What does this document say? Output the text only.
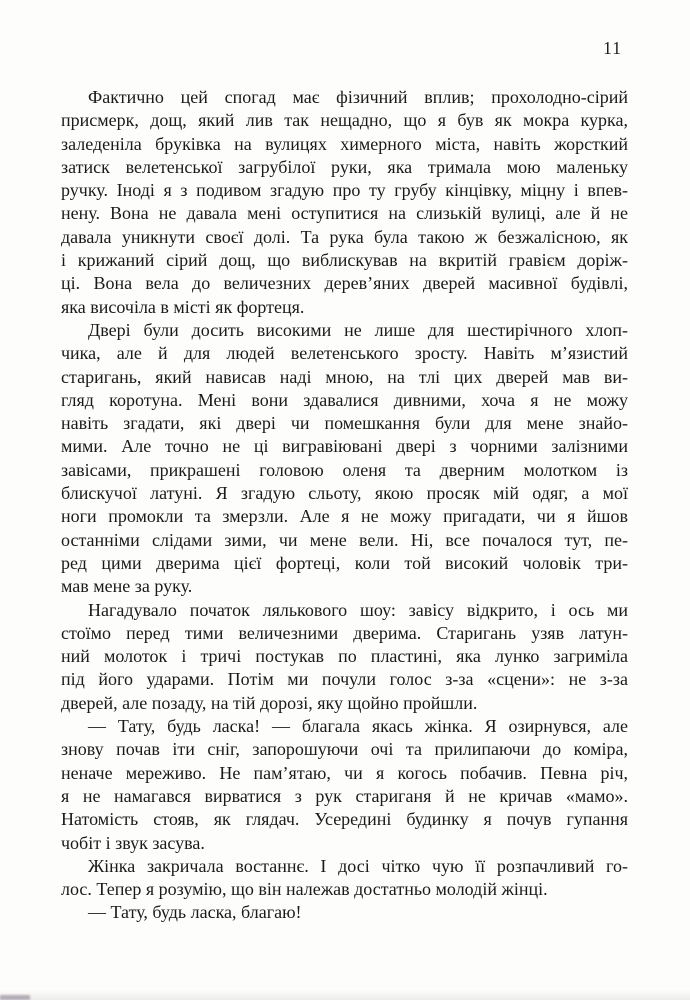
11
Фактично цей спогад має фізичний вплив; прохолодно-сірий
присмерк, дощ, який лив так нещадно, що я був як мокра курка,
заледеніла бруківка на вулицях химерного міста, навіть жорсткий
затиск велетенської загрубілої руки, яка тримала мою маленьку
ручку. Іноді я з подивом згадую про ту грубу кінцівку, міцну і впев-
нену. Вона не давала мені оступитися на слизькій вулиці, але й не
давала уникнути своєї долі. Та рука була такою ж безжалісною, як
і крижаний сірий дощ, що виблискував на вкритій гравієм доріж-
ці. Вона вела до величезних дерев’яних дверей масивної будівлі,
яка височіла в місті як фортеця.
Двері були досить високими не лише для шестирічного хлоп-
чика, але й для людей велетенського зросту. Навіть м’язистий
старигань, який нависав наді мною, на тлі цих дверей мав ви-
гляд коротуна. Мені вони здавалися дивними, хоча я не можу
навіть згадати, які двері чи помешкання були для мене знайо-
мими. Але точно не ці вигравіювані двері з чорними залізними
завісами, прикрашені головою оленя та дверним молотком із
блискучої латуні. Я згадую сльоту, якою просяк мій одяг, а мої
ноги промокли та змерзли. Але я не можу пригадати, чи я йшов
останніми слідами зими, чи мене вели. Ні, все почалося тут, пе-
ред цими дверима цієї фортеці, коли той високий чоловік три-
мав мене за руку.
Нагадувало початок лялькового шоу: завісу відкрито, і ось ми
стоїмо перед тими величезними дверима. Старигань узяв латун-
ний молоток і тричі постукав по пластині, яка лунко загриміла
під його ударами. Потім ми почули голос з-за «сцени»: не з-за
дверей, але позаду, на тій дорозі, яку щойно пройшли.
— Тату, будь ласка! — благала якась жінка. Я озирнувся, але
знову почав іти сніг, запорошуючи очі та прилипаючи до коміра,
неначе мереживо. Не пам’ятаю, чи я когось побачив. Певна річ,
я не намагався вирватися з рук стариганя й не кричав «мамо».
Натомість стояв, як глядач. Усередині будинку я почув гупання
чобіт і звук засува.
Жінка закричала востаннє. І досі чітко чую її розпачливий го-
лос. Тепер я розумію, що він належав достатньо молодій жінці.
— Тату, будь ласка, благаю!
